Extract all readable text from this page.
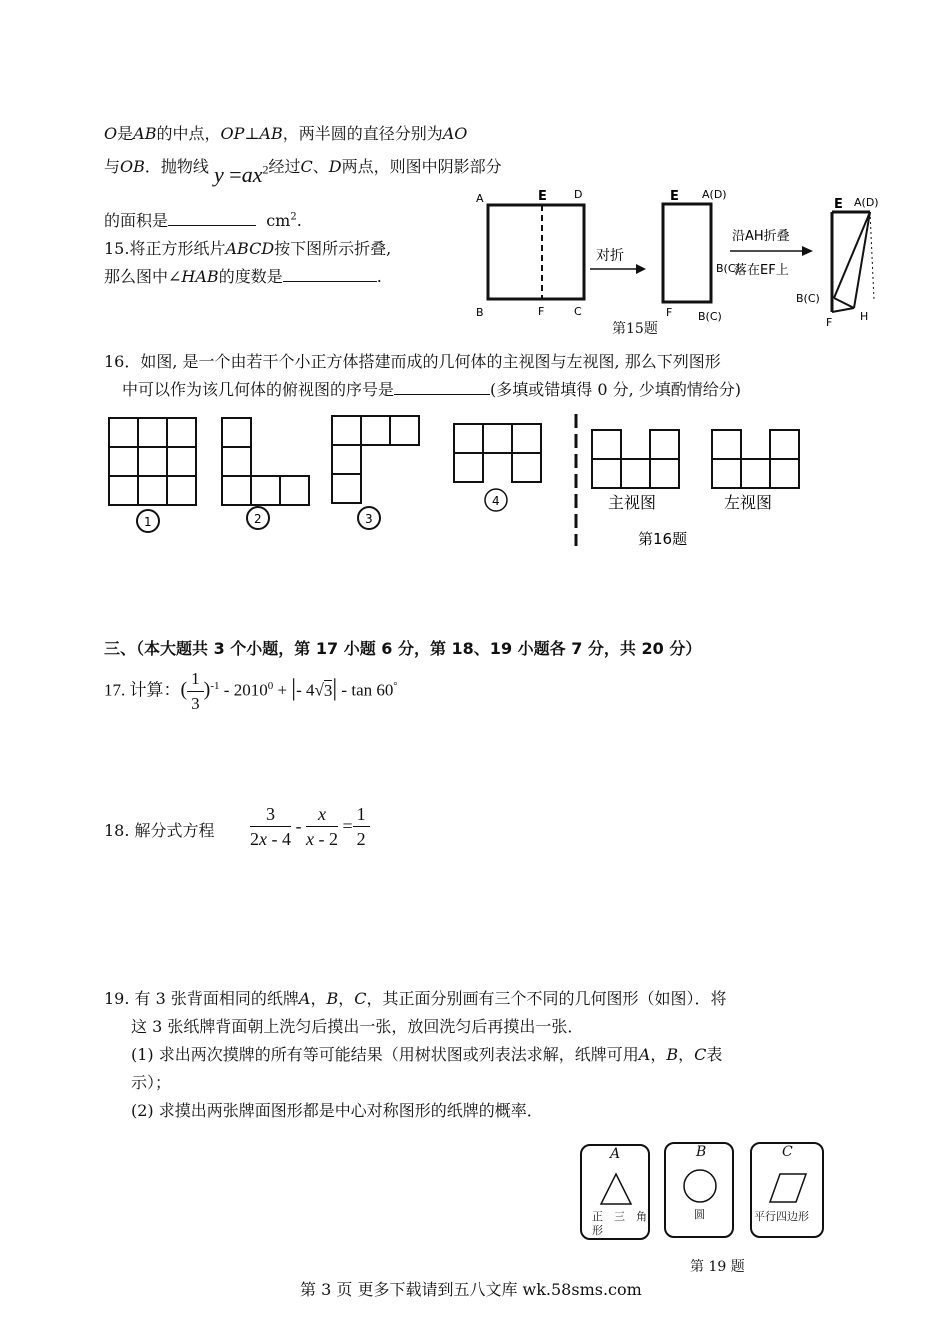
O是AB的中点，OP⊥AB，两半圆的直径分别为AO
与OB．抛物线 $y =ax^2$经过C、D两点，则图中阴影部分
的面积是	$cm^2$.
15.将正方形纸片ABCD按下图所示折叠,
那么图中∠HAB的度数是	.
A	E D
B	F	C
对折
E A(D)
B(C)
F B(C)
沿AH折叠
落在EF上
E A(D)
B(C)
F	H
第15题
16．如图, 是一个由若干个小正方体搭建而成的几何体的主视图与左视图, 那么下列图形
中可以作为该几何体的俯视图的序号是	(多填或错填得 0 分, 少填酌情给分)
1	2	3
4	主视图	左视图
第16题
三、（本大题共 3 个小题，第 17 小题 6 分，第 18、19 小题各 7 分，共 20 分）
17. 计算：( $\frac{1}{3} )^{-1} - 2010^0$ + |- 4√3| - tan 60°
18. 解分式方程 $\frac{3}{2x - 4} - \frac{x}{x - 2} = \frac{1}{2}$
19. 有 3 张背面相同的纸牌A，B，C，其正面分别画有三个不同的几何图形（如图）．将
这 3 张纸牌背面朝上洗匀后摸出一张，放回洗匀后再摸出一张．
(1) 求出两次摸牌的所有等可能结果（用树状图或列表法求解，纸牌可用A，B，C表
示）；
(2) 求摸出两张牌面图形都是中心对称图形的纸牌的概率．
A
正　三　角
形
B
圆
C
平行四边形
第 19 题
第 3 页 更多下载请到五八文库 wk.58sms.com
